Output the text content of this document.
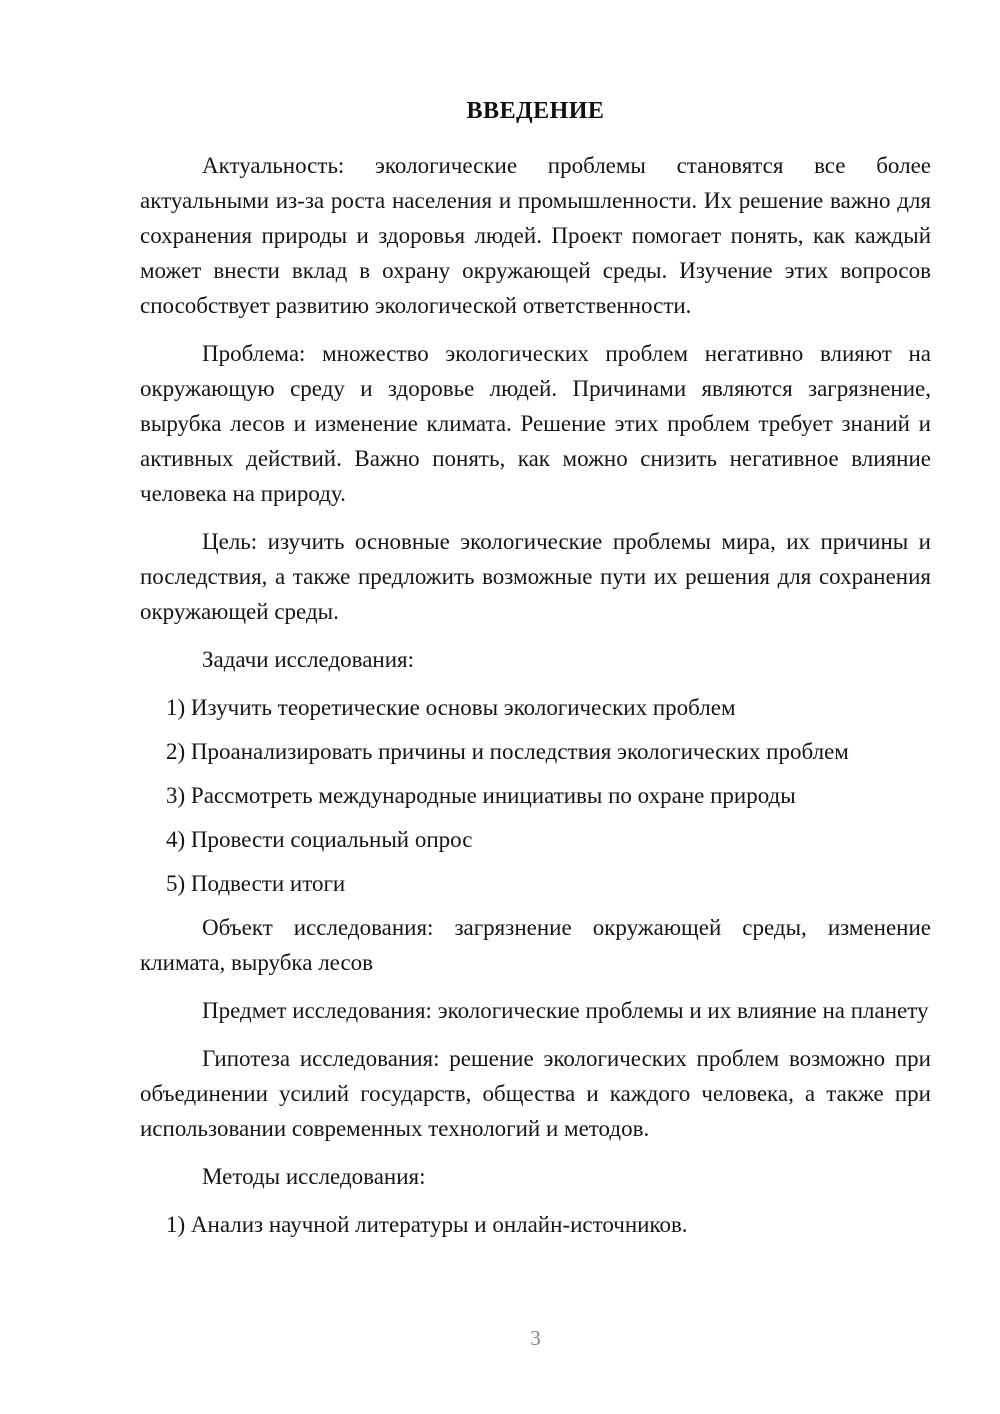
ВВЕДЕНИЕ

Актуальность: экологические проблемы становятся все более актуальными из-за роста населения и промышленности. Их решение важно для сохранения природы и здоровья людей. Проект помогает понять, как каждый может внести вклад в охрану окружающей среды. Изучение этих вопросов способствует развитию экологической ответственности.

Проблема: множество экологических проблем негативно влияют на окружающую среду и здоровье людей. Причинами являются загрязнение, вырубка лесов и изменение климата. Решение этих проблем требует знаний и активных действий. Важно понять, как можно снизить негативное влияние человека на природу.

Цель: изучить основные экологические проблемы мира, их причины и последствия, а также предложить возможные пути их решения для сохранения окружающей среды.

Задачи исследования:

1) Изучить теоретические основы экологических проблем

2) Проанализировать причины и последствия экологических проблем

3) Рассмотреть международные инициативы по охране природы

4) Провести социальный опрос

5) Подвести итоги

Объект исследования: загрязнение окружающей среды, изменение климата, вырубка лесов

Предмет исследования: экологические проблемы и их влияние на планету

Гипотеза исследования: решение экологических проблем возможно при объединении усилий государств, общества и каждого человека, а также при использовании современных технологий и методов.

Методы исследования:

1) Анализ научной литературы и онлайн-источников.

3
